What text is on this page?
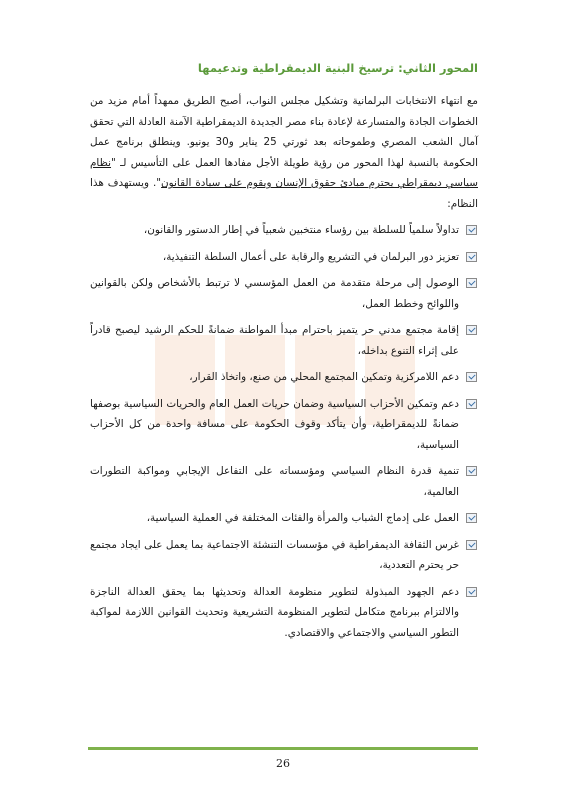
المحور الثاني: ترسيخ البنية الديمقراطية وتدعيمها

مع انتهاء الانتخابات البرلمانية وتشكيل مجلس النواب، أصبح الطريق ممهداً أمام مزيد من الخطوات الجادة والمتسارعة لإعادة بناء مصر الجديدة الديمقراطية الآمنة العادلة التي تحقق آمال الشعب المصري وطموحاته بعد ثورتي 25 يناير و30 يونيو. وينطلق برنامج عمل الحكومة بالنسبة لهذا المحور من رؤية طويلة الأجل مفادها العمل على التأسيس لـ "نظام سياسي ديمقراطي يحترم مبادئ حقوق الإنسان ويقوم على سيادة القانون". ويستهدف هذا النظام:

تداولاً سلمياً للسلطة بين رؤساء منتخبين شعبياً في إطار الدستور والقانون،
تعزيز دور البرلمان في التشريع والرقابة على أعمال السلطة التنفيذية،
الوصول إلى مرحلة متقدمة من العمل المؤسسي لا ترتبط بالأشخاص ولكن بالقوانين واللوائح وخطط العمل،
إقامة مجتمع مدني حر يتميز باحترام مبدأ المواطنة ضمانةً للحكم الرشيد ليصبح قادراً على إثراء التنوع بداخله،
دعم اللامركزية وتمكين المجتمع المحلي من صنع، واتخاذ القرار،
دعم وتمكين الأحزاب السياسية وضمان حريات العمل العام والحريات السياسية بوصفها ضمانةً للديمقراطية، وأن يتأكد وقوف الحكومة على مسافة واحدة من كل الأحزاب السياسية،
تنمية قدرة النظام السياسي ومؤسساته على التفاعل الإيجابي ومواكبة التطورات العالمية،
العمل على إدماج الشباب والمرأة والفئات المختلفة في العملية السياسية،
غرس الثقافة الديمقراطية في مؤسسات التنشئة الاجتماعية بما يعمل على ايجاد مجتمع حر يحترم التعددية،
دعم الجهود المبذولة لتطوير منظومة العدالة وتحديثها بما يحقق العدالة الناجزة والالتزام ببرنامج متكامل لتطوير المنظومة التشريعية وتحديث القوانين اللازمة لمواكبة التطور السياسي والاجتماعي والاقتصادي.
26
